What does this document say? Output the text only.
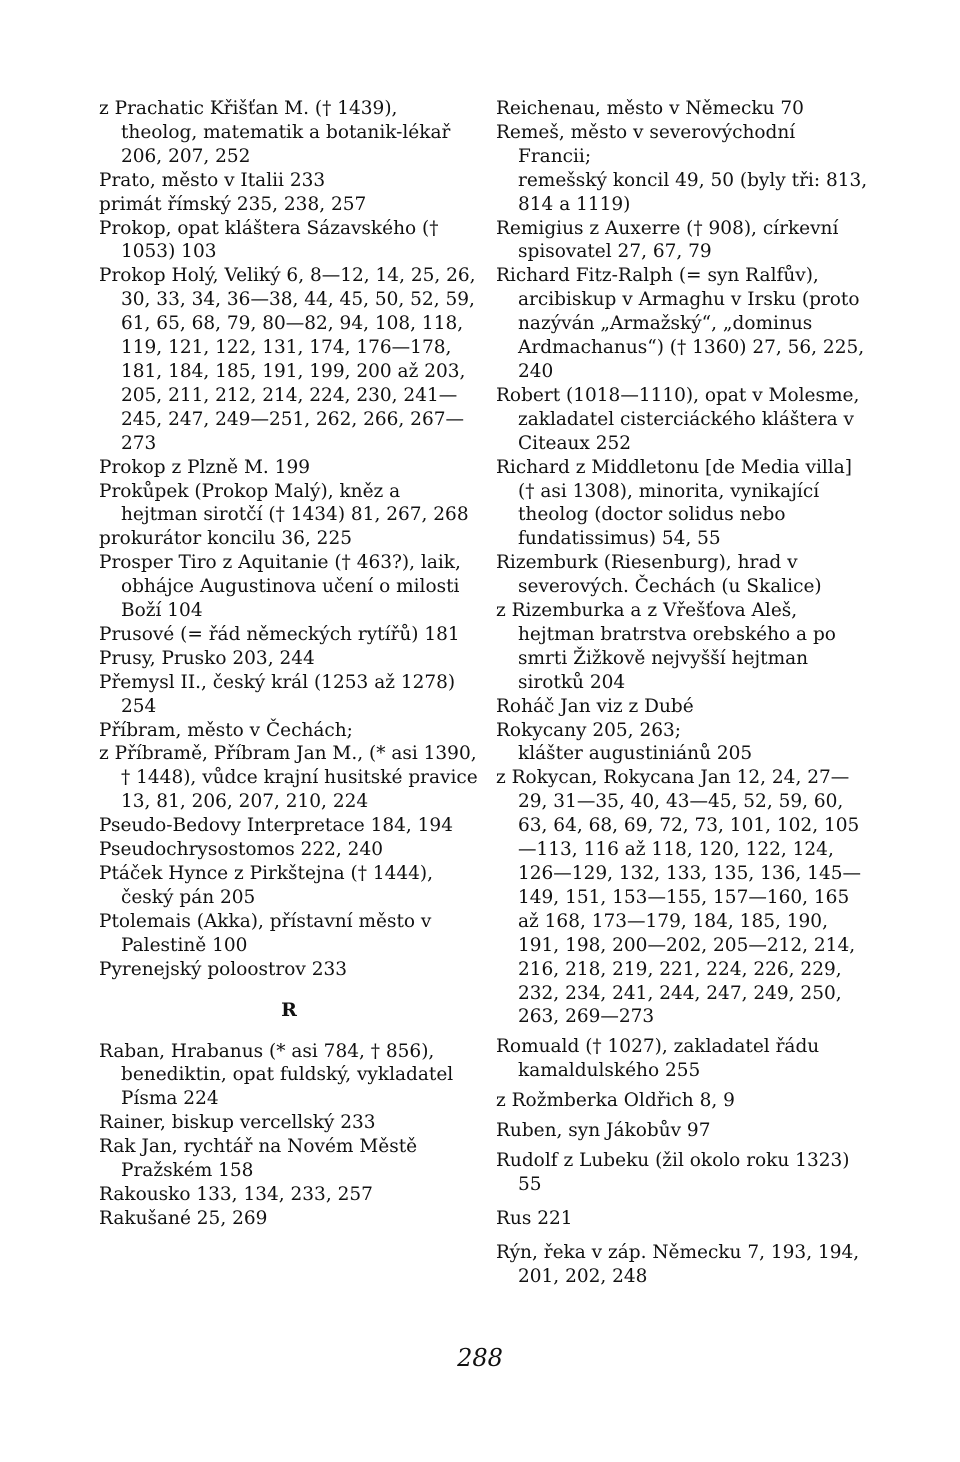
z Prachatic Křišťan M. († 1439), theolog, matematik a botanik-lékař 206, 207, 252
Prato, město v Italii 233
primát římský 235, 238, 257
Prokop, opat kláštera Sázavského († 1053) 103
Prokop Holý, Veliký 6, 8—12, 14, 25, 26, 30, 33, 34, 36—38, 44, 45, 50, 52, 59, 61, 65, 68, 79, 80—82, 94, 108, 118, 119, 121, 122, 131, 174, 176—178, 181, 184, 185, 191, 199, 200 až 203, 205, 211, 212, 214, 224, 230, 241—245, 247, 249—251, 262, 266, 267—273
Prokop z Plzně M. 199
Prokůpek (Prokop Malý), kněz a hejtman sirotčí († 1434) 81, 267, 268
prokurátor koncilu 36, 225
Prosper Tiro z Aquitanie († 463?), laik, obhájce Augustinova učení o milosti Boží 104
Prusové (= řád německých rytířů) 181
Prusy, Prusko 203, 244
Přemysl II., český král (1253 až 1278) 254
Příbram, město v Čechách;
z Příbramě, Příbram Jan M., (* asi 1390, † 1448), vůdce krajní husitské pravice 13, 81, 206, 207, 210, 224
Pseudo-Bedovy Interpretace 184, 194
Pseudochrysostomos 222, 240
Ptáček Hynce z Pirkštejna († 1444), český pán 205
Ptolemais (Akka), přístavní město v Palestině 100
Pyrenejský poloostrov 233
R
Raban, Hrabanus (* asi 784, † 856), benediktin, opat fuldský, vykladatel Písma 224
Rainer, biskup vercellský 233
Rak Jan, rychtář na Novém Městě Pražském 158
Rakousko 133, 134, 233, 257
Rakušané 25, 269
Reichenau, město v Německu 70
Remeš, město v severovýchodní Francii;
remešský koncil 49, 50 (byly tři: 813, 814 a 1119)
Remigius z Auxerre († 908), církevní spisovatel 27, 67, 79
Richard Fitz-Ralph (= syn Ralfův), arcibiskup v Armaghu v Irsku (proto nazýván „Armažský“, „dominus Ardmachanus“) († 1360) 27, 56, 225, 240
Robert (1018—1110), opat v Molesme, zakladatel cisterciáckého kláštera v Citeaux 252
Richard z Middletonu [de Media villa] († asi 1308), minorita, vynikající theolog (doctor solidus nebo fundatissimus) 54, 55
Rizemburk (Riesenburg), hrad v severových. Čechách (u Skalice)
z Rizemburka a z Vřešťova Aleš, hejtman bratrstva orebského a po smrti Žižkově nejvyšší hejtman sirotků 204
Roháč Jan viz z Dubé
Rokycany 205, 263;
klášter augustiniánů 205
z Rokycan, Rokycana Jan 12, 24, 27—29, 31—35, 40, 43—45, 52, 59, 60, 63, 64, 68, 69, 72, 73, 101, 102, 105—113, 116 až 118, 120, 122, 124, 126—129, 132, 133, 135, 136, 145—149, 151, 153—155, 157—160, 165 až 168, 173—179, 184, 185, 190, 191, 198, 200—202, 205—212, 214, 216, 218, 219, 221, 224, 226, 229, 232, 234, 241, 244, 247, 249, 250, 263, 269—273
Romuald († 1027), zakladatel řádu kamaldulského 255
z Rožmberka Oldřich 8, 9
Ruben, syn Jákobův 97
Rudolf z Lubeku (žil okolo roku 1323) 55
Rus 221
Rýn, řeka v záp. Německu 7, 193, 194, 201, 202, 248
288
